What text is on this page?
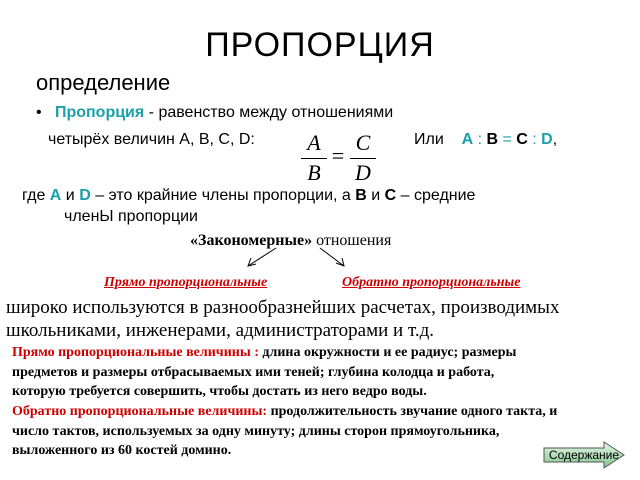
ПРОПОРЦИЯ
определение
• Пропорция - равенство между отношениями
четырёх величин A, B, C, D: A
B
=
C
D
Или A : B = C : D,
где A и D – это крайние члены пропорции, а B и C – средние
членЫ пропорции
«Закономерные» отношения
Прямо пропорциональные	Обратно пропорциональные
широко используются в разнообразнейших расчетах, производимых
школьниками, инженерами, администраторами и т.д.
Прямо пропорциональные величины : длина окружности и ее радиус; размеры
предметов и размеры отбрасываемых ими теней; глубина колодца и работа,
которую требуется совершить, чтобы достать из него ведро воды.
Обратно пропорциональные величины: продолжительность звучание одного такта, и
число тактов, используемых за одну минуту; длины сторон прямоугольника,
выложенного из 60 костей домино.	Содержание
